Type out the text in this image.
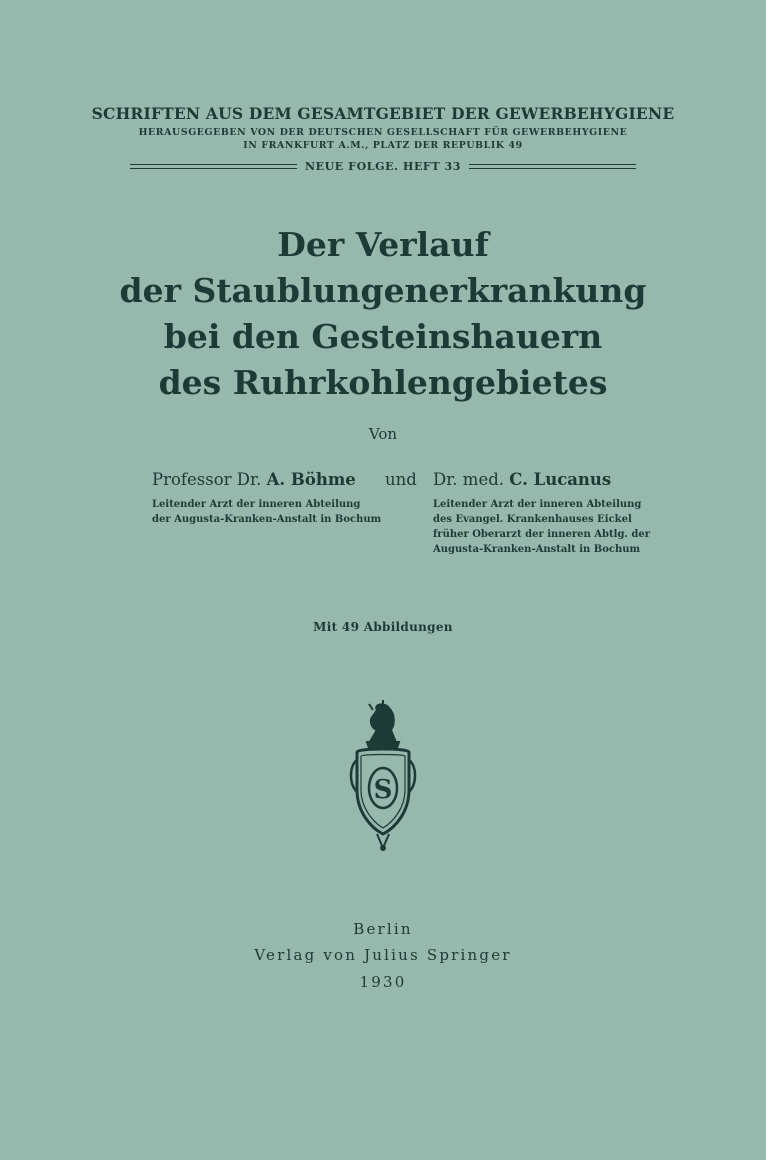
SCHRIFTEN AUS DEM GESAMTGEBIET DER GEWERBEHYGIENE
HERAUSGEGEBEN VON DER DEUTSCHEN GESELLSCHAFT FÜR GEWERBEHYGIENE
IN FRANKFURT A.M., PLATZ DER REPUBLIK 49
NEUE FOLGE. HEFT 33
Der Verlauf
der Staublungenerkrankung
bei den Gesteinshauern
des Ruhrkohlengebietes
Von
Professor Dr. A. Böhme und Dr. med. C. Lucanus
Leitender Arzt der inneren Abteilung
der Augusta-Kranken-Anstalt in Bochum
Leitender Arzt der inneren Abteilung
des Evangel. Krankenhauses Eickel
früher Oberarzt der inneren Abtlg. der
Augusta-Kranken-Anstalt in Bochum
Mit 49 Abbildungen
S
Berlin
Verlag von Julius Springer
1930
